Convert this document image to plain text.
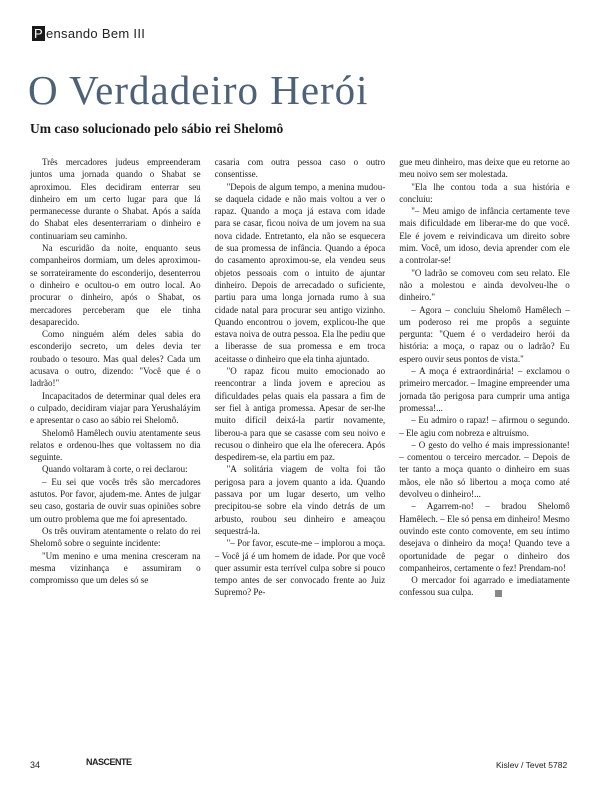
P ensando Bem III
O Verdadeiro Herói
Um caso solucionado pelo sábio rei Shelomô

Três mercadores judeus empreenderam juntos uma jornada quando o Shabat se aproximou. Eles decidiram enterrar seu dinheiro em um certo lugar para que lá permanecesse durante o Shabat. Após a saída do Shabat eles desenterrariam o dinheiro e continuariam seu caminho.

Na escuridão da noite, enquanto seus companheiros dormiam, um deles aproximou-se sorrateiramente do esconderijo, desenterrou o dinheiro e ocultou-o em outro local. Ao procurar o dinheiro, após o Shabat, os mercadores perceberam que ele tinha desaparecido.

Como ninguém além deles sabia do esconderijo secreto, um deles devia ter roubado o tesouro. Mas qual deles? Cada um acusava o outro, dizendo: "Você que é o ladrão!"

Incapacitados de determinar qual deles era o culpado, decidiram viajar para Yerushaláyim e apresentar o caso ao sábio rei Shelomô.

Shelomô Hamêlech ouviu atentamente seus relatos e ordenou-lhes que voltassem no dia seguinte.

Quando voltaram à corte, o rei declarou:

– Eu sei que vocês três são mercadores astutos. Por favor, ajudem-me. Antes de julgar seu caso, gostaria de ouvir suas opiniões sobre um outro problema que me foi apresentado.

Os três ouviram atentamente o relato do rei Shelomô sobre o seguinte incidente:

"Um menino e uma menina cresceram na mesma vizinhança e assumiram o compromisso que um deles só se

casaria com outra pessoa caso o outro consentisse.

"Depois de algum tempo, a menina mudou-se daquela cidade e não mais voltou a ver o rapaz. Quando a moça já estava com idade para se casar, ficou noiva de um jovem na sua nova cidade. Entretanto, ela não se esquecera de sua promessa de infância. Quando a época do casamento aproximou-se, ela vendeu seus objetos pessoais com o intuito de ajuntar dinheiro. Depois de arrecadado o suficiente, partiu para uma longa jornada rumo à sua cidade natal para procurar seu antigo vizinho. Quando encontrou o jovem, explicou-lhe que estava noiva de outra pessoa. Ela lhe pediu que a liberasse de sua promessa e em troca aceitasse o dinheiro que ela tinha ajuntado.

"O rapaz ficou muito emocionado ao reencontrar a linda jovem e apreciou as dificuldades pelas quais ela passara a fim de ser fiel à antiga promessa. Apesar de ser-lhe muito difícil deixá-la partir novamente, liberou-a para que se casasse com seu noivo e recusou o dinheiro que ela lhe oferecera. Após despedirem-se, ela partiu em paz.

"A solitária viagem de volta foi tão perigosa para a jovem quanto a ida. Quando passava por um lugar deserto, um velho precipitou-se sobre ela vindo detrás de um arbusto, roubou seu dinheiro e ameaçou sequestrá-la.

"– Por favor, escute-me – implorou a moça. – Você já é um homem de idade. Por que você quer assumir esta terrível culpa sobre si pouco tempo antes de ser convocado frente ao Juiz Supremo? Pe-

gue meu dinheiro, mas deixe que eu retorne ao meu noivo sem ser molestada.

"Ela lhe contou toda a sua história e concluiu:

"– Meu amigo de infância certamente teve mais dificuldade em liberar-me do que você. Ele é jovem e reivindicava um direito sobre mim. Você, um idoso, devia aprender com ele a controlar-se!

"O ladrão se comoveu com seu relato. Ele não a molestou e ainda devolveu-lhe o dinheiro."

– Agora – concluiu Shelomô Hamêlech – um poderoso rei me propôs a seguinte pergunta: "Quem é o verdadeiro herói da história: a moça, o rapaz ou o ladrão? Eu espero ouvir seus pontos de vista."

– A moça é extraordinária! – exclamou o primeiro mercador. – Imagine empreender uma jornada tão perigosa para cumprir uma antiga promessa!...

– Eu admiro o rapaz! – afirmou o segundo. – Ele agiu com nobreza e altruísmo.

– O gesto do velho é mais impressionante! – comentou o terceiro mercador. – Depois de ter tanto a moça quanto o dinheiro em suas mãos, ele não só libertou a moça como até devolveu o dinheiro!...

– Agarrem-no! – bradou Shelomô Hamêlech. – Ele só pensa em dinheiro! Mesmo ouvindo este conto comovente, em seu íntimo desejava o dinheiro da moça! Quando teve a oportunidade de pegar o dinheiro dos companheiros, certamente o fez! Prendam-no!

O mercador foi agarrado e imediatamente confessou sua culpa.

34	NASCENTE	Kislev / Tevet 5782
